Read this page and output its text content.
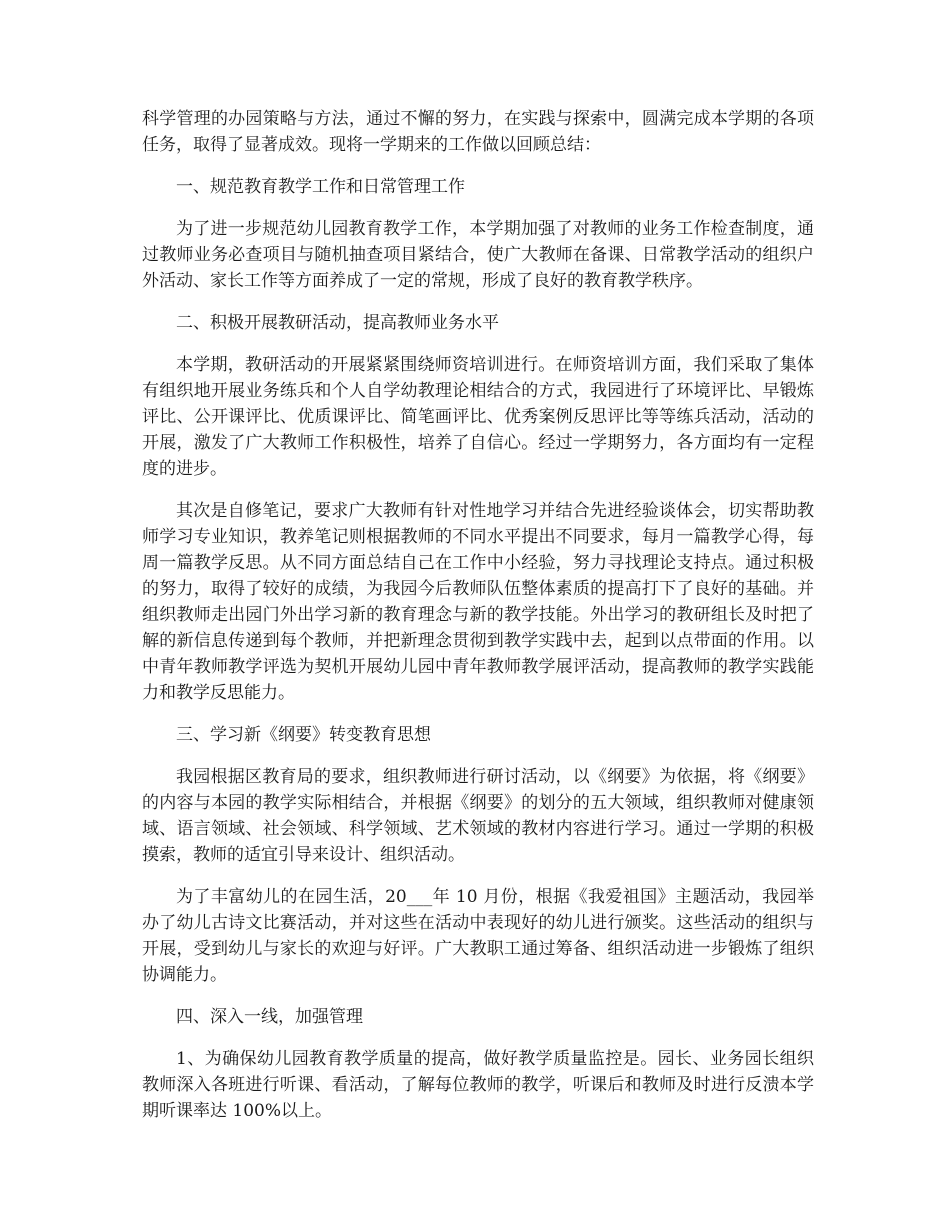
科学管理的办园策略与方法，通过不懈的努力，在实践与探索中，圆满完成本学期的各项任务，取得了显著成效。现将一学期来的工作做以回顾总结：

一、规范教育教学工作和日常管理工作

为了进一步规范幼儿园教育教学工作，本学期加强了对教师的业务工作检查制度，通过教师业务必查项目与随机抽查项目紧结合，使广大教师在备课、日常教学活动的组织户外活动、家长工作等方面养成了一定的常规，形成了良好的教育教学秩序。

二、积极开展教研活动，提高教师业务水平

本学期，教研活动的开展紧紧围绕师资培训进行。在师资培训方面，我们采取了集体有组织地开展业务练兵和个人自学幼教理论相结合的方式，我园进行了环境评比、早锻炼评比、公开课评比、优质课评比、简笔画评比、优秀案例反思评比等等练兵活动，活动的开展，激发了广大教师工作积极性，培养了自信心。经过一学期努力，各方面均有一定程度的进步。

其次是自修笔记，要求广大教师有针对性地学习并结合先进经验谈体会，切实帮助教师学习专业知识，教养笔记则根据教师的不同水平提出不同要求，每月一篇教学心得，每周一篇教学反思。从不同方面总结自己在工作中小经验，努力寻找理论支持点。通过积极的努力，取得了较好的成绩，为我园今后教师队伍整体素质的提高打下了良好的基础。并组织教师走出园门外出学习新的教育理念与新的教学技能。外出学习的教研组长及时把了解的新信息传递到每个教师，并把新理念贯彻到教学实践中去，起到以点带面的作用。以中青年教师教学评选为契机开展幼儿园中青年教师教学展评活动，提高教师的教学实践能力和教学反思能力。

三、学习新《纲要》转变教育思想

我园根据区教育局的要求，组织教师进行研讨活动，以《纲要》为依据，将《纲要》的内容与本园的教学实际相结合，并根据《纲要》的划分的五大领域，组织教师对健康领域、语言领域、社会领域、科学领域、艺术领域的教材内容进行学习。通过一学期的积极摸索，教师的适宜引导来设计、组织活动。

为了丰富幼儿的在园生活，20___年 10 月份，根据《我爱祖国》主题活动，我园举办了幼儿古诗文比赛活动，并对这些在活动中表现好的幼儿进行颁奖。这些活动的组织与开展，受到幼儿与家长的欢迎与好评。广大教职工通过筹备、组织活动进一步锻炼了组织协调能力。

四、深入一线，加强管理

1、为确保幼儿园教育教学质量的提高，做好教学质量监控是。园长、业务园长组织教师深入各班进行听课、看活动，了解每位教师的教学，听课后和教师及时进行反溃本学期听课率达 100%以上。
